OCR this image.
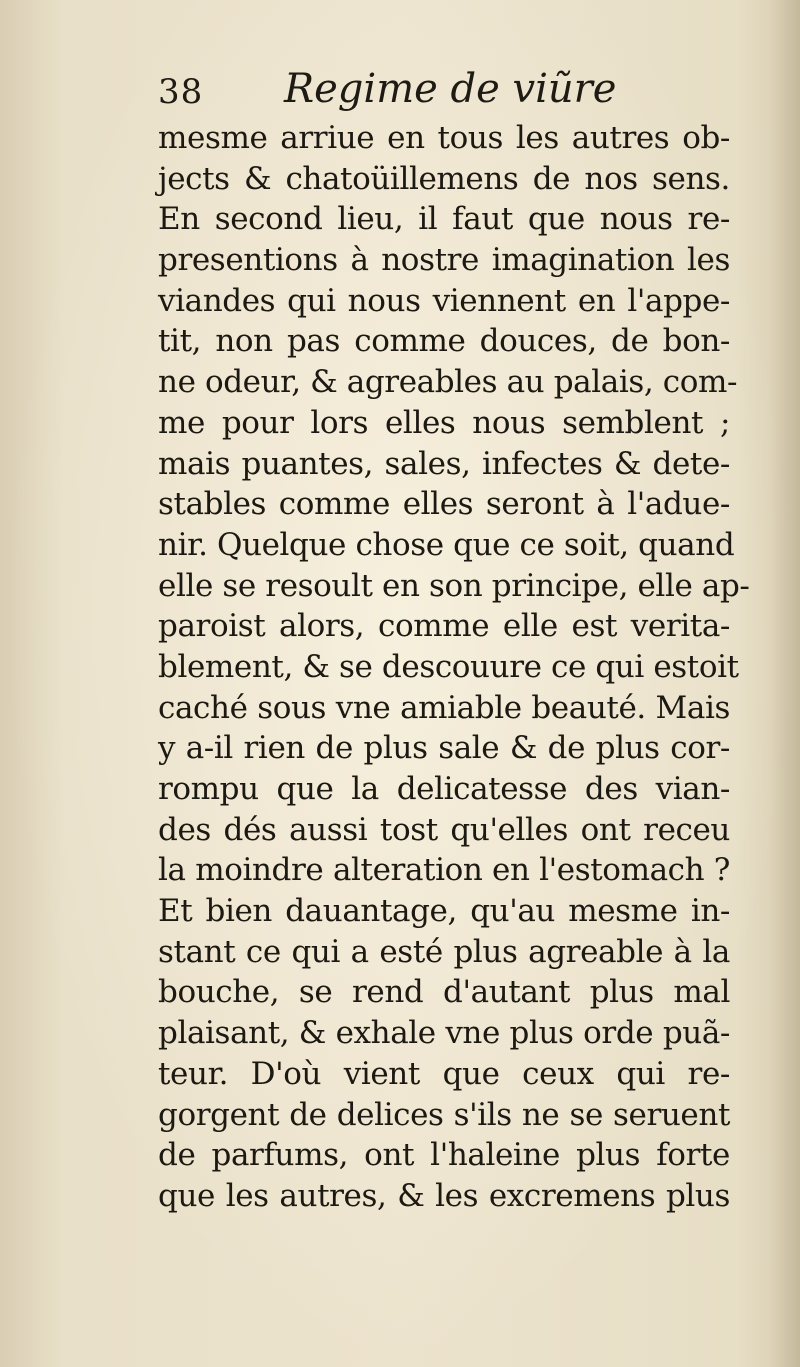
38 Regime de viũre
mesme arriue en tous les autres ob-
jects & chatoüillemens de nos sens.
En second lieu, il faut que nous re-
presentions à nostre imagination les
viandes qui nous viennent en l'appe-
tit, non pas comme douces, de bon-
ne odeur, & agreables au palais, com-
me pour lors elles nous semblent ;
mais puantes, sales, infectes & dete-
stables comme elles seront à l'adue-
nir. Quelque chose que ce soit, quand
elle se resoult en son principe, elle ap-
paroist alors, comme elle est verita-
blement, & se descouure ce qui estoit
caché sous vne amiable beauté. Mais
y a-il rien de plus sale & de plus cor-
rompu que la delicatesse des vian-
des dés aussi tost qu'elles ont receu
la moindre alteration en l'estomach ?
Et bien dauantage, qu'au mesme in-
stant ce qui a esté plus agreable à la
bouche, se rend d'autant plus mal
plaisant, & exhale vne plus orde puã-
teur. D'où vient que ceux qui re-
gorgent de delices s'ils ne se seruent
de parfums, ont l'haleine plus forte
que les autres, & les excremens plus
